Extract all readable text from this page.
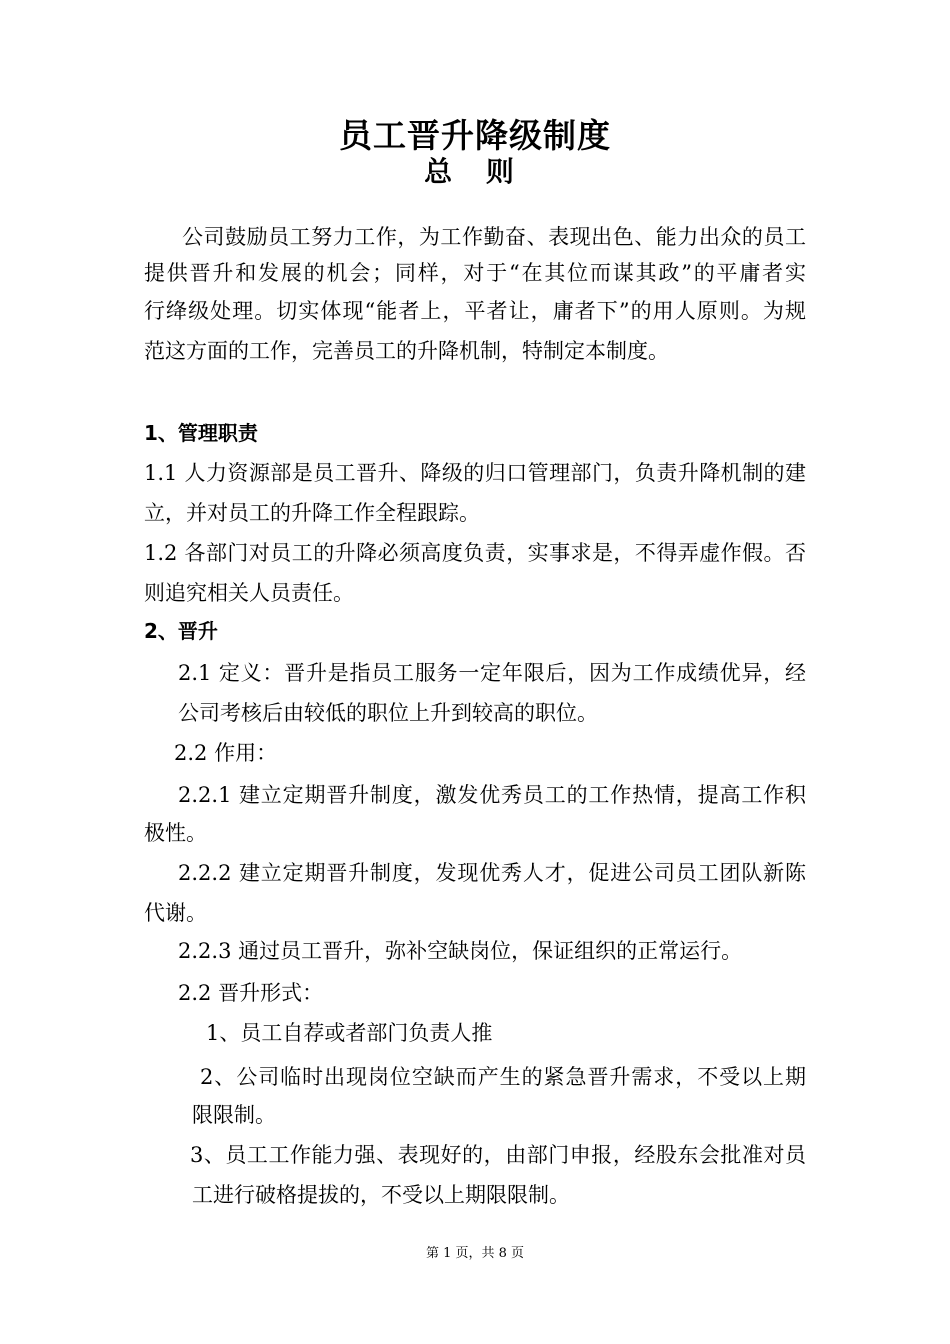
员工晋升降级制度
总 则
公司鼓励员工努力工作，为工作勤奋、表现出色、能力出众的员工
提供晋升和发展的机会；同样，对于“在其位而谋其政”的平庸者实
行绛级处理。切实体现“能者上，平者让，庸者下”的用人原则。为规
范这方面的工作，完善员工的升降机制，特制定本制度。
1、管理职责
1.1 人力资源部是员工晋升、降级的归口管理部门，负责升降机制的建
立，并对员工的升降工作全程跟踪。
1.2 各部门对员工的升降必须高度负责，实事求是，不得弄虚作假。否
则追究相关人员责任。
2、晋升
2.1 定义：晋升是指员工服务一定年限后，因为工作成绩优异，经
公司考核后由较低的职位上升到较高的职位。
2.2 作用：
2.2.1 建立定期晋升制度，激发优秀员工的工作热情，提高工作积
极性。
2.2.2 建立定期晋升制度，发现优秀人才，促进公司员工团队新陈
代谢。
2.2.3 通过员工晋升，弥补空缺岗位，保证组织的正常运行。
2.2 晋升形式：
1、员工自荐或者部门负责人推
2、公司临时出现岗位空缺而产生的紧急晋升需求，不受以上期
限限制。
3、员工工作能力强、表现好的，由部门申报，经股东会批准对员
工进行破格提拔的，不受以上期限限制。
第 1 页，共 8 页
